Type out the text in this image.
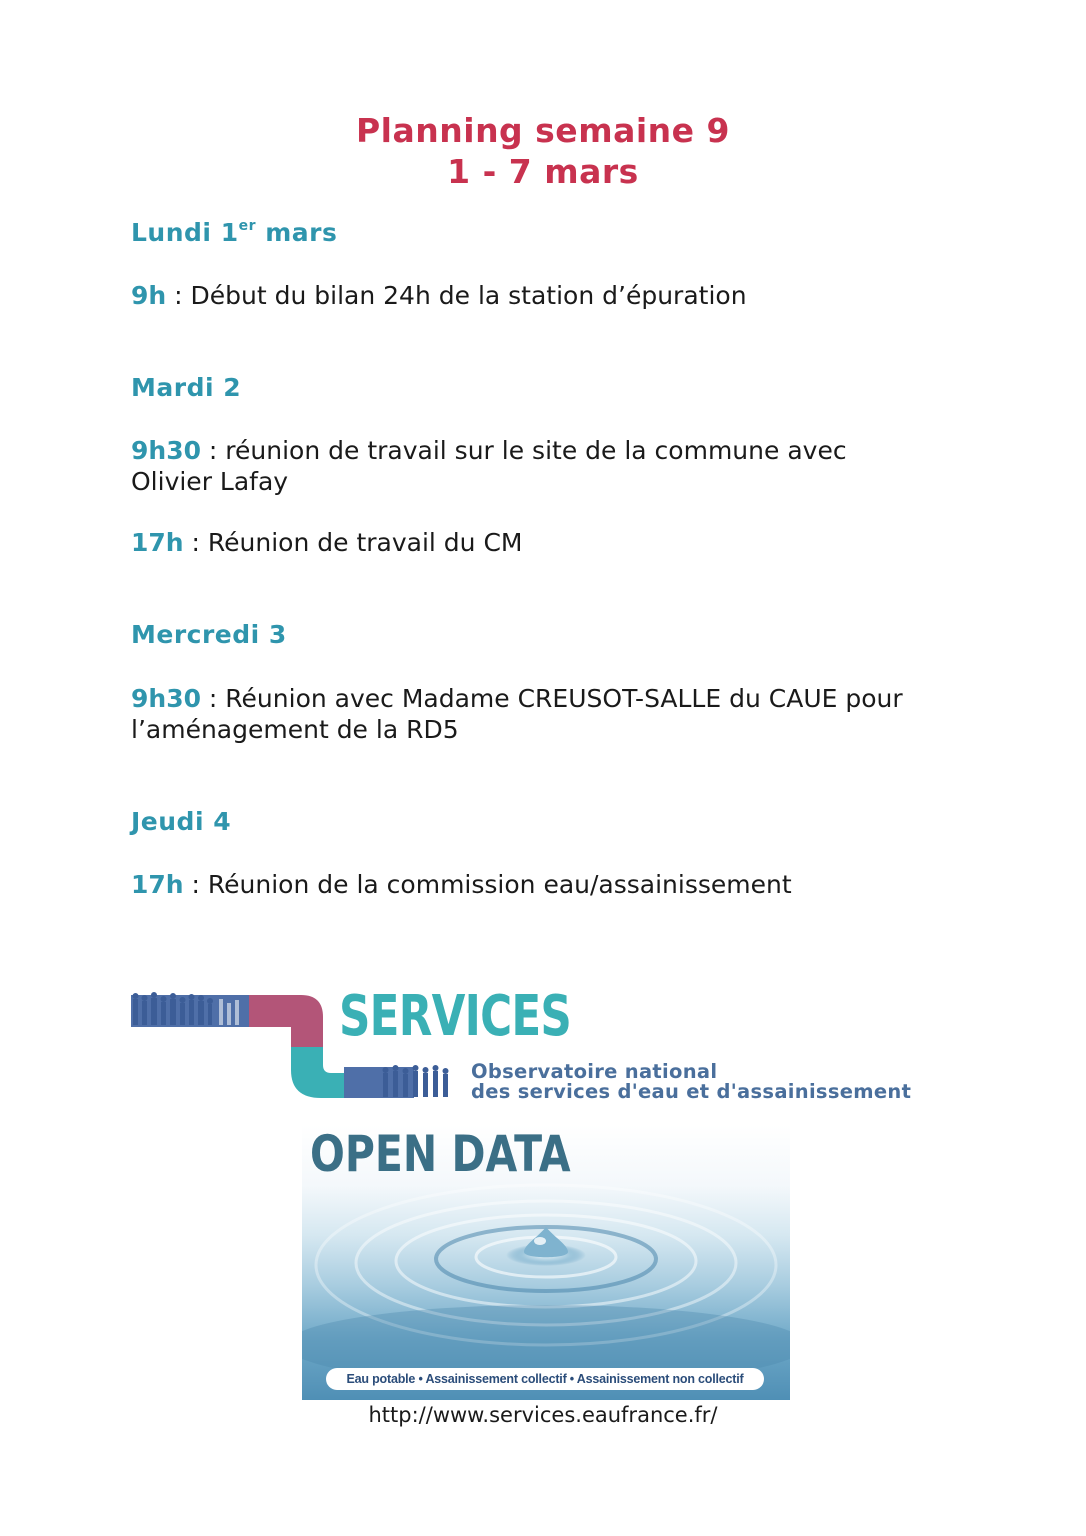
Planning semaine 9
1 - 7 mars
Lundi 1er mars
9h : Début du bilan 24h de la station d’épuration
Mardi 2
9h30 : réunion de travail sur le site de la commune avec Olivier Lafay
17h : Réunion de travail du CM
Mercredi 3
9h30 : Réunion avec Madame CREUSOT-SALLE du CAUE pour l’aménagement de la RD5
Jeudi 4
17h : Réunion de la commission eau/assainissement
SERVICES
Observatoire national
des services d'eau et d'assainissement
OPEN DATA
Eau potable • Assainissement collectif • Assainissement non collectif
http://www.services.eaufrance.fr/
